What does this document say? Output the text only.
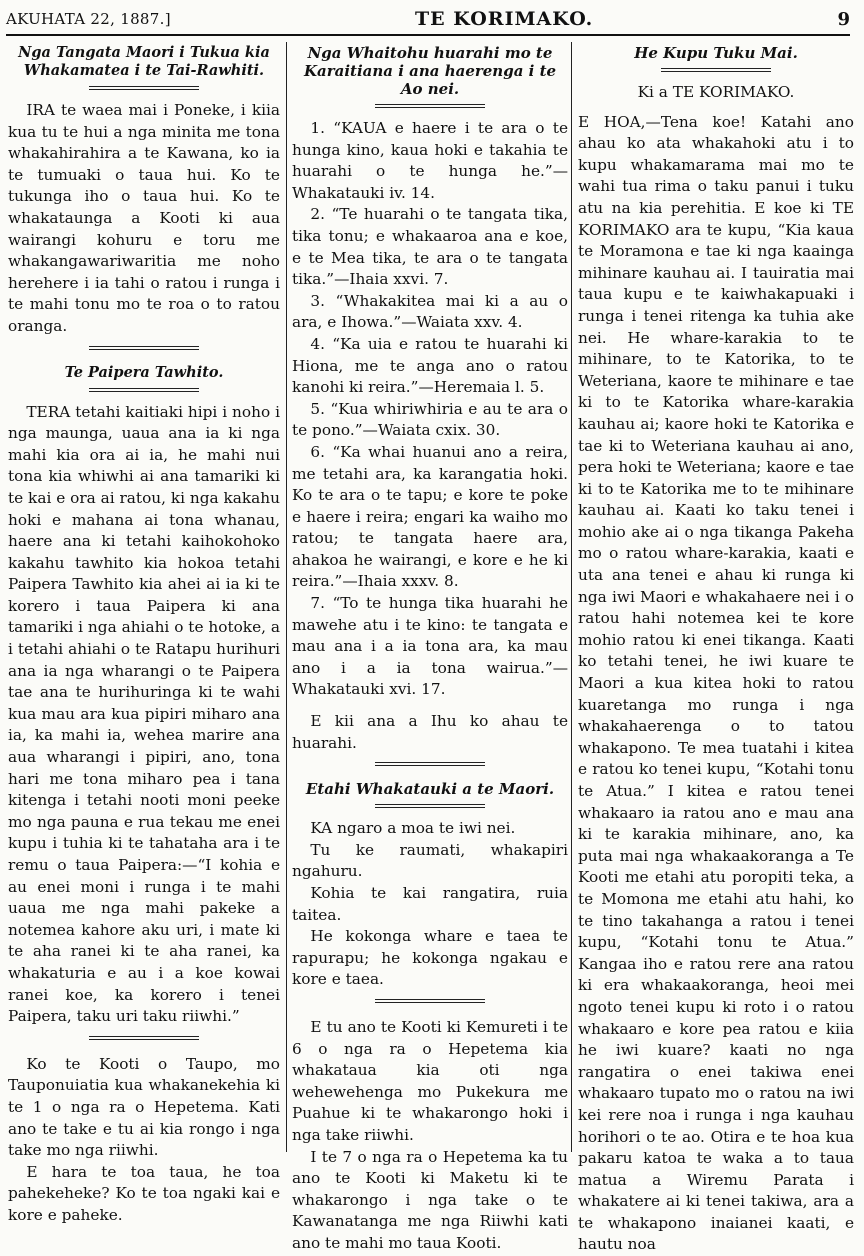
AKUHATA 22, 1887.]	TE KORIMAKO.	9
Nga Tangata Maori i Tukua kia Whakamatea i te Tai-Rawhiti.

IRA te waea mai i Poneke, i kiia kua tu te hui a nga minita me tona whakahirahira a te Kawana, ko ia te tumuaki o taua hui. Ko te tukunga iho o taua hui. Ko te whakataunga a Kooti ki aua wairangi kohuru e toru me whakangawariwaritia me noho herehere i ia tahi o ratou i runga i te mahi tonu mo te roa o to ratou oranga.

Te Paipera Tawhito.

TERA tetahi kaitiaki hipi i noho i nga maunga, uaua ana ia ki nga mahi kia ora ai ia, he mahi nui tona kia whiwhi ai ana tamariki ki te kai e ora ai ratou, ki nga kakahu hoki e mahana ai tona whanau, haere ana ki tetahi kaihokohoko kakahu tawhito kia hokoa tetahi Paipera Tawhito kia ahei ai ia ki te korero i taua Paipera ki ana tamariki i nga ahiahi o te hotoke, a i tetahi ahiahi o te Ratapu hurihuri ana ia nga wharangi o te Paipera tae ana te hurihuringa ki te wahi kua mau ara kua pipiri miharo ana ia, ka mahi ia, wehea marire ana aua wharangi i pipiri, ano, tona hari me tona miharo pea i tana kitenga i tetahi nooti moni peeke mo nga pauna e rua tekau me enei kupu i tuhia ki te tahataha ara i te remu o taua Paipera:—“I kohia e au enei moni i runga i te mahi uaua me nga mahi pakeke a notemea kahore aku uri, i mate ki te aha ranei ki te aha ranei, ka whakaturia e au i a koe kowai ranei koe, ka korero i tenei Paipera, taku uri taku riiwhi.”

Ko te Kooti o Taupo, mo Tauponuiatia kua whakanekehia ki te 1 o nga ra o Hepetema. Kati ano te take e tu ai kia rongo i nga take mo nga riiwhi.

E hara te toa taua, he toa pahekeheke? Ko te toa ngaki kai e kore e paheke.

Nga Whaitohu huarahi mo te Karaitiana i ana haerenga i te Ao nei.

1. “KAUA e haere i te ara o te hunga kino, kaua hoki e takahia te huarahi o te hunga he.”—Whakatauki iv. 14.

2. “Te huarahi o te tangata tika, tika tonu; e whakaaroa ana e koe, e te Mea tika, te ara o te tangata tika.”—Ihaia xxvi. 7.

3. “Whakakitea mai ki a au o ara, e Ihowa.”—Waiata xxv. 4.

4. “Ka uia e ratou te huarahi ki Hiona, me te anga ano o ratou kanohi ki reira.”—Heremaia l. 5.

5. “Kua whiriwhiria e au te ara o te pono.”—Waiata cxix. 30.

6. “Ka whai huanui ano a reira, me tetahi ara, ka karangatia hoki. Ko te ara o te tapu; e kore te poke e haere i reira; engari ka waiho mo ratou; te tangata haere ara, ahakoa he wairangi, e kore e he ki reira.”—Ihaia xxxv. 8.

7. “To te hunga tika huarahi he mawehe atu i te kino: te tangata e mau ana i a ia tona ara, ka mau ano i a ia tona wairua.”—Whakatauki xvi. 17.

E kii ana a Ihu ko ahau te huarahi.

Etahi Whakatauki a te Maori.

KA ngaro a moa te iwi nei.

Tu ke raumati, whakapiri ngahuru.

Kohia te kai rangatira, ruia taitea.

He kokonga whare e taea te rapurapu; he kokonga ngakau e kore e taea.

E tu ano te Kooti ki Kemureti i te 6 o nga ra o Hepetema kia whakataua kia oti nga wehewehenga mo Pukekura me Puahue ki te whakarongo hoki i nga take riiwhi.

I te 7 o nga ra o Hepetema ka tu ano te Kooti ki Maketu ki te whakarongo i nga take o te Kawanatanga me nga Riiwhi kati ano te mahi mo taua Kooti.

He Kupu Tuku Mai.
Ki a TE KORIMAKO.

E HOA,—Tena koe! Katahi ano ahau ko ata whakahoki atu i to kupu whakamarama mai mo te wahi tua rima o taku panui i tuku atu na kia perehitia. E koe ki TE KORIMAKO ara te kupu, “Kia kaua te Moramona e tae ki nga kaainga mihinare kauhau ai. I tauiratia mai taua kupu e te kaiwhakapuaki i runga i tenei ritenga ka tuhia ake nei. He whare-karakia to te mihinare, to te Katorika, to te Weteriana, kaore te mihinare e tae ki to te Katorika whare-karakia kauhau ai; kaore hoki te Katorika e tae ki to Weteriana kauhau ai ano, pera hoki te Weteriana; kaore e tae ki to te Katorika me to te mihinare kauhau ai. Kaati ko taku tenei i mohio ake ai o nga tikanga Pakeha mo o ratou whare-karakia, kaati e uta ana tenei e ahau ki runga ki nga iwi Maori e whakahaere nei i o ratou hahi notemea kei te kore mohio ratou ki enei tikanga. Kaati ko tetahi tenei, he iwi kuare te Maori a kua kitea hoki to ratou kuaretanga mo runga i nga whakahaerenga o to tatou whakapono. Te mea tuatahi i kitea e ratou ko tenei kupu, “Kotahi tonu te Atua.” I kitea e ratou tenei whakaaro ia ratou ano e mau ana ki te karakia mihinare, ano, ka puta mai nga whakaakoranga a Te Kooti me etahi atu poropiti teka, a te Momona me etahi atu hahi, ko te tino takahanga a ratou i tenei kupu, “Kotahi tonu te Atua.” Kangaa iho e ratou rere ana ratou ki era whakaakoranga, heoi mei ngoto tenei kupu ki roto i o ratou whakaaro e kore pea ratou e kiia he iwi kuare? kaati no nga rangatira o enei takiwa enei whakaaro tupato mo o ratou na iwi kei rere noa i runga i nga kauhau horihori o te ao. Otira e te hoa kua pakaru katoa te waka a to taua matua a Wiremu Parata i whakatere ai ki tenei takiwa, ara a te whakapono inaianei kaati, e hautu noa
